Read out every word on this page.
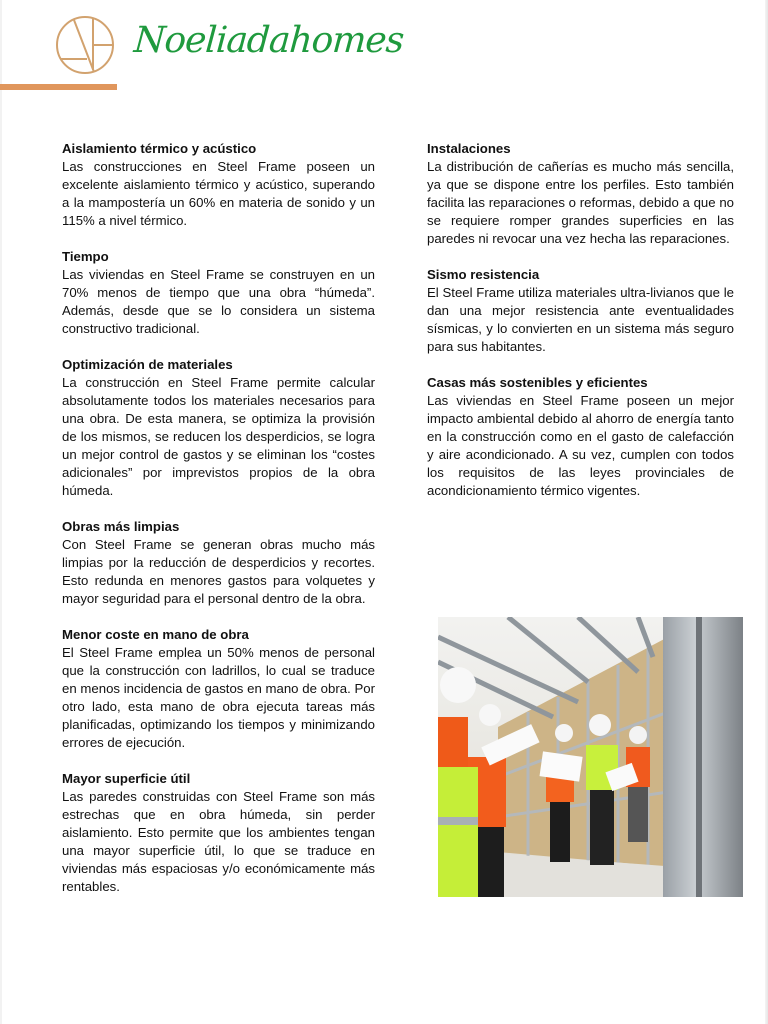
Noeliadahomes
Aislamiento térmico y acústico

Las construcciones en Steel Frame poseen un excelente aislamiento térmico y acústico, superando a la mampostería un 60% en materia de sonido y un 115% a nivel térmico.

Tiempo

Las viviendas en Steel Frame se construyen en un 70% menos de tiempo que una obra “húmeda”. Además, desde que se lo considera un sistema constructivo tradicional.

Optimización de materiales

La construcción en Steel Frame permite calcular absolutamente todos los materiales necesarios para una obra. De esta manera, se optimiza la provisión de los mismos, se reducen los desperdicios, se logra un mejor control de gastos y se eliminan los “costes adicionales” por imprevistos propios de la obra húmeda.

Obras más limpias

Con Steel Frame se generan obras mucho más limpias por la reducción de desperdicios y recortes. Esto redunda en menores gastos para volquetes y mayor seguridad para el personal dentro de la obra.

Menor coste en mano de obra

El Steel Frame emplea un 50% menos de personal que la construcción con ladrillos, lo cual se traduce en menos incidencia de gastos en mano de obra. Por otro lado, esta mano de obra ejecuta tareas más planificadas, optimizando los tiempos y minimizando errores de ejecución.

Mayor superficie útil

Las paredes construidas con Steel Frame son más estrechas que en obra húmeda, sin perder aislamiento. Esto permite que los ambientes tengan una mayor superficie útil, lo que se traduce en viviendas más espaciosas y/o económicamente más rentables.

Instalaciones

La distribución de cañerías es mucho más sencilla, ya que se dispone entre los perfiles. Esto también facilita las reparaciones o reformas, debido a que no se requiere romper grandes superficies en las paredes ni revocar una vez hecha las reparaciones.

Sismo resistencia

El Steel Frame utiliza materiales ultra-livianos que le dan una mejor resistencia ante eventualidades sísmicas, y lo convierten en un sistema más seguro para sus habitantes.

Casas más sostenibles y eficientes

Las viviendas en Steel Frame poseen un mejor impacto ambiental debido al ahorro de energía tanto en la construcción como en el gasto de calefacción y aire acondicionado. A su vez, cumplen con todos los requisitos de las leyes provinciales de acondicionamiento térmico vigentes.
